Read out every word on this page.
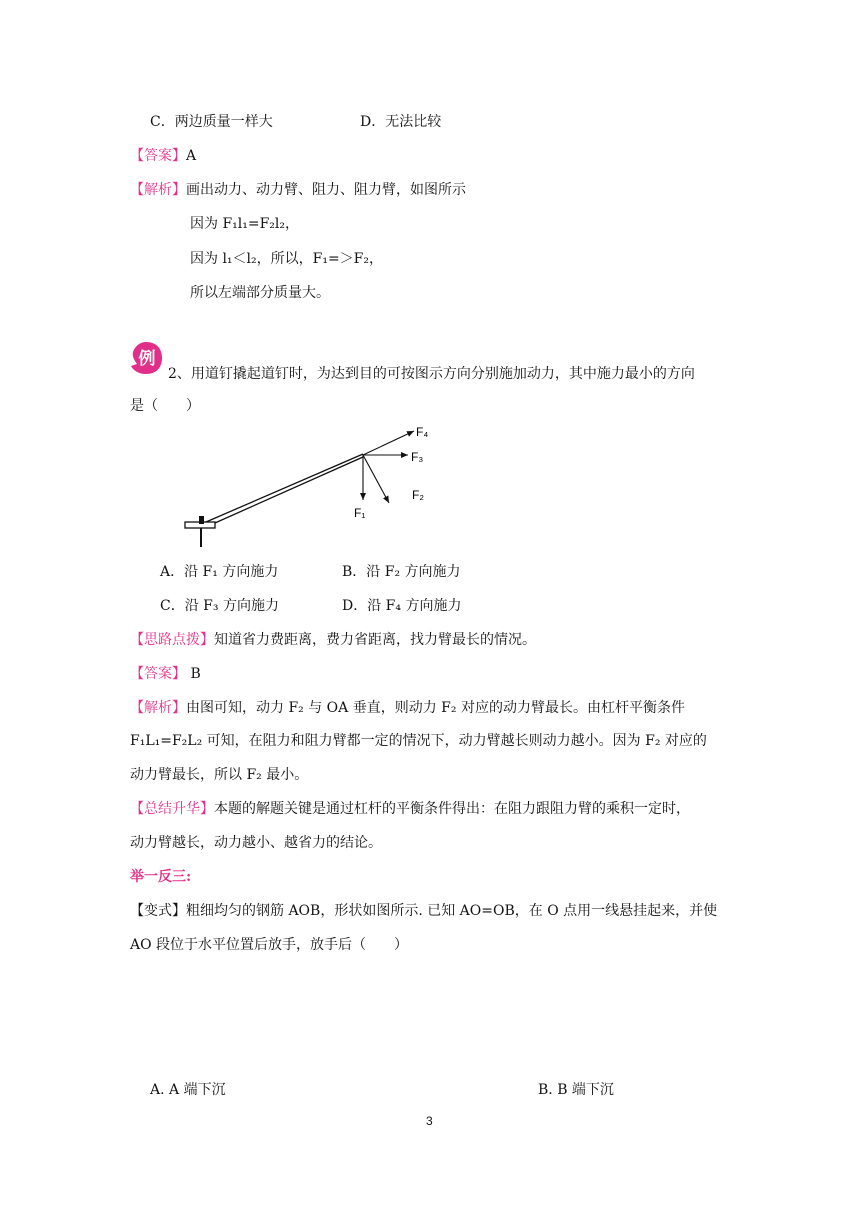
C．两边质量一样大	D．无法比较
【答案】A
【解析】画出动力、动力臂、阻力、阻力臂，如图所示
因为 F₁l₁=F₂l₂，
因为 l₁＜l₂，所以，F₁=＞F₂，
所以左端部分质量大。
例
2、用道钉撬起道钉时，为达到目的可按图示方向分别施加动力，其中施力最小的方向
是（　　）
F₄
F₃
F₂
F₁
A．沿 F₁ 方向施力	B．沿 F₂ 方向施力
C．沿 F₃ 方向施力	D．沿 F₄ 方向施力
【思路点拨】知道省力费距离，费力省距离，找力臂最长的情况。
【答案】 B
【解析】由图可知，动力 F₂ 与 OA 垂直，则动力 F₂ 对应的动力臂最长。由杠杆平衡条件
F₁L₁=F₂L₂ 可知，在阻力和阻力臂都一定的情况下，动力臂越长则动力越小。因为 F₂ 对应的
动力臂最长，所以 F₂ 最小。
【总结升华】本题的解题关键是通过杠杆的平衡条件得出：在阻力跟阻力臂的乘积一定时，
动力臂越长，动力越小、越省力的结论。
举一反三:
【变式】粗细均匀的钢筋 AOB，形状如图所示. 已知 AO=OB，在 O 点用一线悬挂起来，并使
AO 段位于水平位置后放手，放手后（　　）
A. A 端下沉	B. B 端下沉
3
